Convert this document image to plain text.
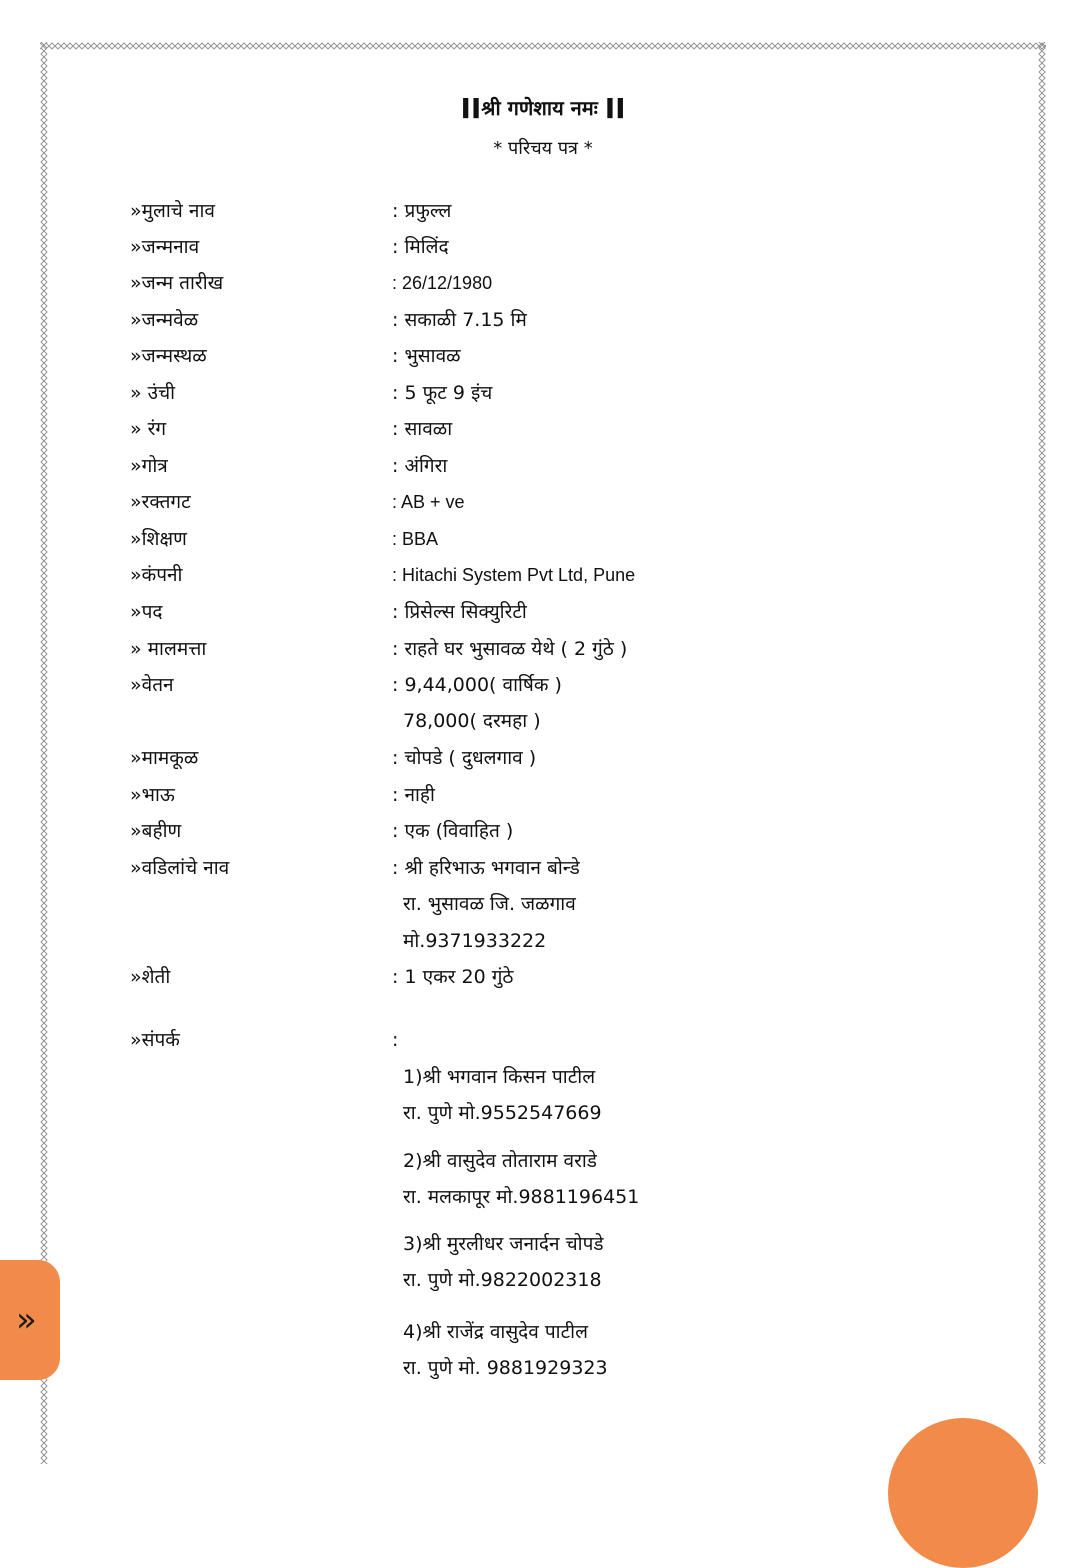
IIश्री गणेशाय नमः II
* परिचय पत्र *
»मुलाचे नाव	: प्रफुल्ल
»जन्मनाव	: मिलिंद
»जन्म तारीख	: 26/12/1980
»जन्मवेळ	: सकाळी 7.15 मि
»जन्मस्थळ	: भुसावळ
» उंची	: 5 फूट 9 इंच
» रंग	: सावळा
»गोत्र	: अंगिरा
»रक्तगट	: AB + ve
»शिक्षण	: BBA
»कंपनी	: Hitachi System Pvt Ltd, Pune
»पद	: प्रिसेल्स सिक्युरिटी
» मालमत्ता	: राहते घर भुसावळ येथे ( 2 गुंठे )
»वेतन	: 9,44,000( वार्षिक )
78,000( दरमहा )
»मामकूळ	: चोपडे ( दुधलगाव )
»भाऊ	: नाही
»बहीण	: एक (विवाहित )
»वडिलांचे नाव	: श्री हरिभाऊ भगवान बोन्डे
रा. भुसावळ जि. जळगाव
मो.9371933222
»शेती	: 1 एकर 20 गुंठे
»संपर्क	:
1)श्री भगवान किसन पाटील
रा. पुणे मो.9552547669
2)श्री वासुदेव तोताराम वराडे
रा. मलकापूर मो.9881196451
3)श्री मुरलीधर जनार्दन चोपडे
रा. पुणे मो.9822002318
4)श्री राजेंद्र वासुदेव पाटील
रा. पुणे मो. 9881929323
»
